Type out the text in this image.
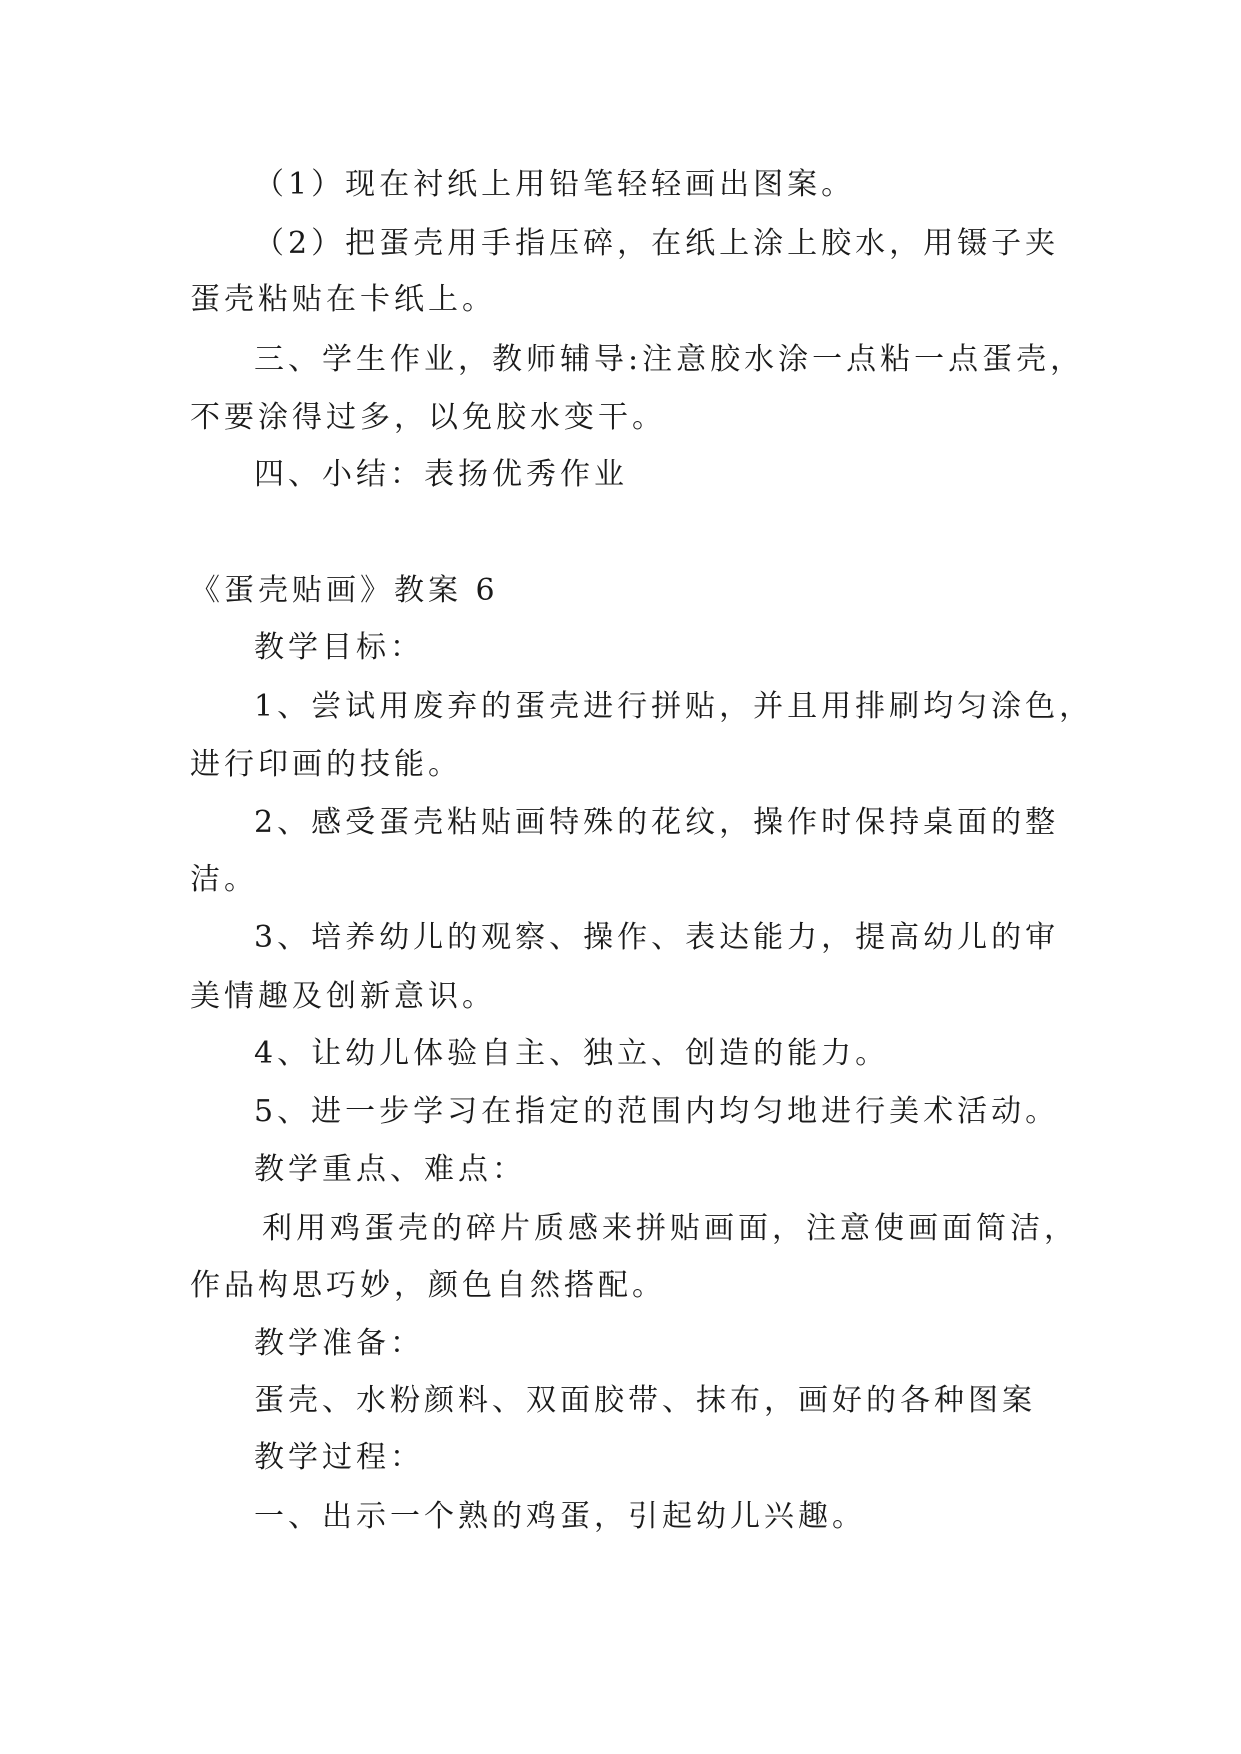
（1）现在衬纸上用铅笔轻轻画出图案。
（2）把蛋壳用手指压碎，在纸上涂上胶水，用镊子夹
蛋壳粘贴在卡纸上。
三、学生作业，教师辅导:注意胶水涂一点粘一点蛋壳，
不要涂得过多，以免胶水变干。
四、小结：表扬优秀作业
《蛋壳贴画》教案 6
教学目标：
1、尝试用废弃的蛋壳进行拼贴，并且用排刷均匀涂色，
进行印画的技能。
2、感受蛋壳粘贴画特殊的花纹，操作时保持桌面的整
洁。
3、培养幼儿的观察、操作、表达能力，提高幼儿的审
美情趣及创新意识。
4、让幼儿体验自主、独立、创造的能力。
5、进一步学习在指定的范围内均匀地进行美术活动。
教学重点、难点：
利用鸡蛋壳的碎片质感来拼贴画面，注意使画面简洁，
作品构思巧妙，颜色自然搭配。
教学准备：
蛋壳、水粉颜料、双面胶带、抹布，画好的各种图案
教学过程：
一、出示一个熟的鸡蛋，引起幼儿兴趣。
